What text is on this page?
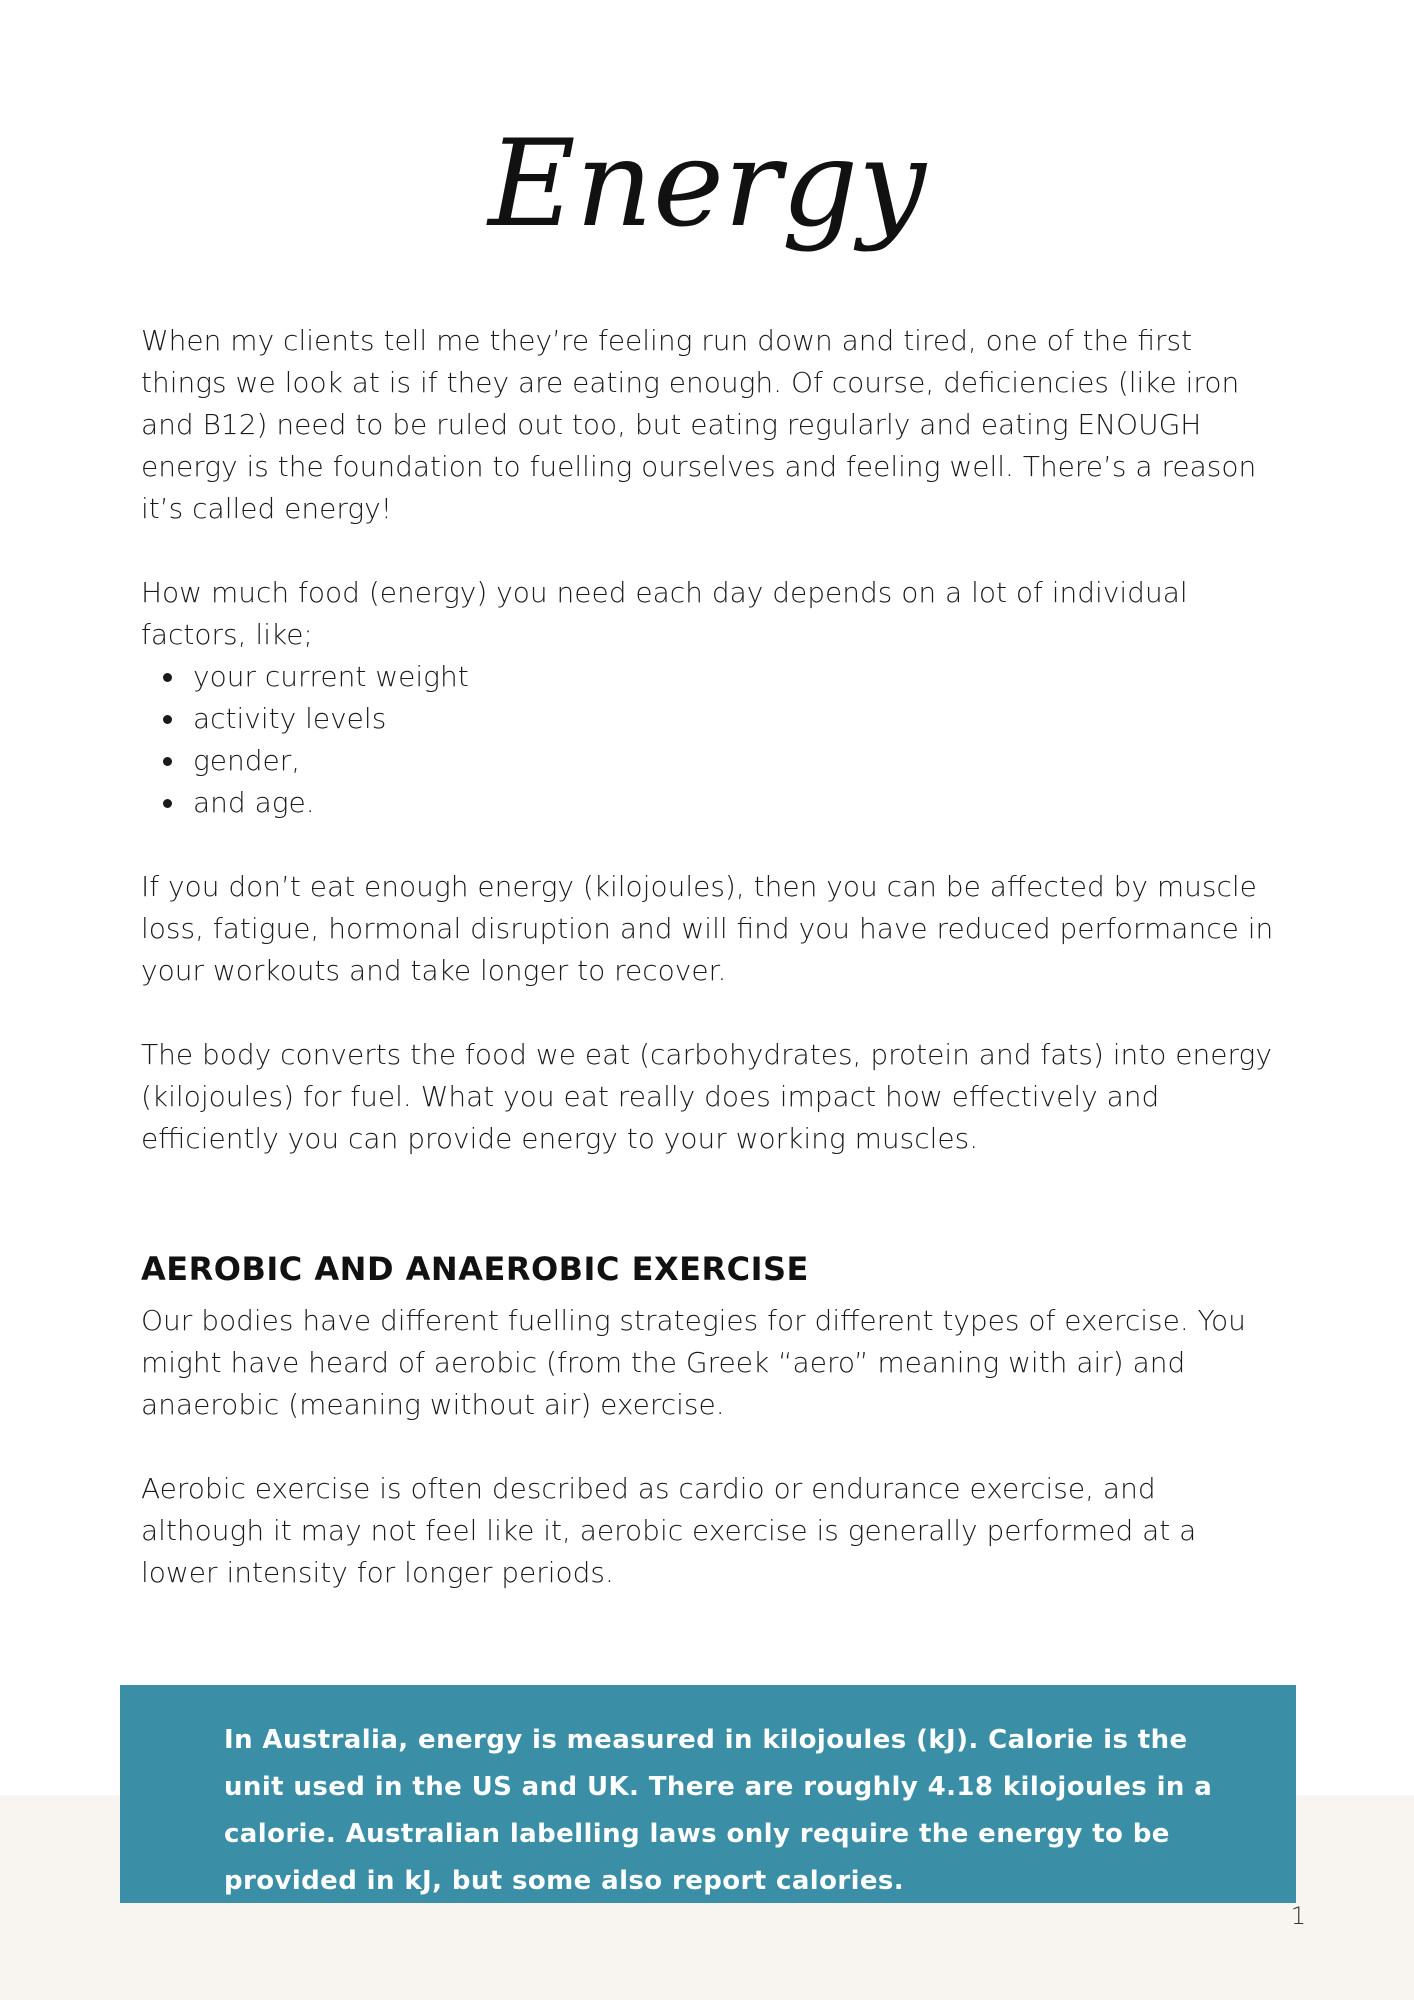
Energy

When my clients tell me they’re feeling run down and tired, one of the first things we look at is if they are eating enough. Of course, deficiencies (like iron and B12) need to be ruled out too, but eating regularly and eating ENOUGH energy is the foundation to fuelling ourselves and feeling well. There’s a reason it’s called energy!

How much food (energy) you need each day depends on a lot of individual factors, like;

your current weight
activity levels
gender,
and age.

If you don’t eat enough energy (kilojoules), then you can be affected by muscle loss, fatigue, hormonal disruption and will find you have reduced performance in your workouts and take longer to recover.

The body converts the food we eat (carbohydrates, protein and fats) into energy (kilojoules) for fuel. What you eat really does impact how effectively and efficiently you can provide energy to your working muscles.

AEROBIC AND ANAEROBIC EXERCISE

Our bodies have different fuelling strategies for different types of exercise. You might have heard of aerobic (from the Greek “aero” meaning with air) and anaerobic (meaning without air) exercise.

Aerobic exercise is often described as cardio or endurance exercise, and although it may not feel like it, aerobic exercise is generally performed at a lower intensity for longer periods.

In Australia, energy is measured in kilojoules (kJ). Calorie is the unit used in the US and UK. There are roughly 4.18 kilojoules in a calorie. Australian labelling laws only require the energy to be provided in kJ, but some also report calories.
1
